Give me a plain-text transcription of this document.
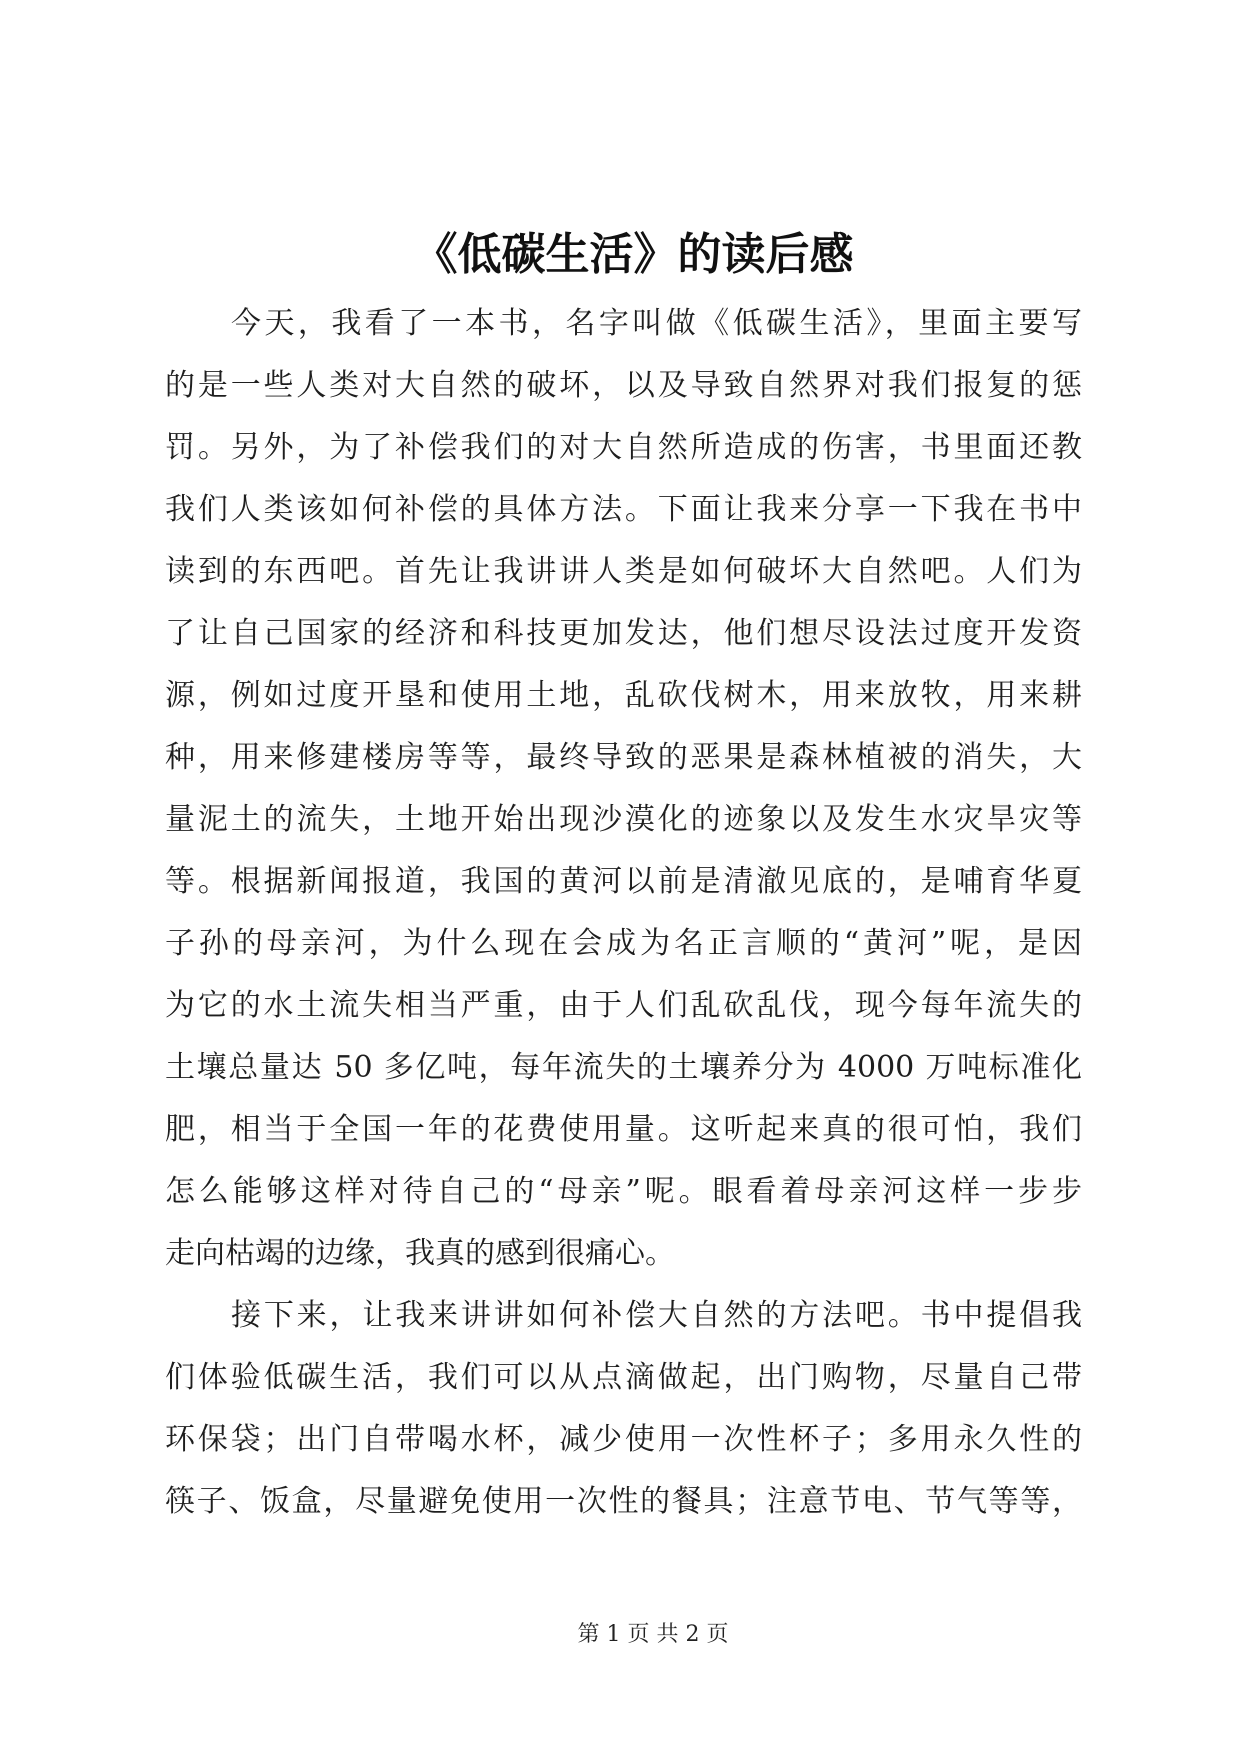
《低碳生活》的读后感
今天，我看了一本书，名字叫做《低碳生活》，里面主要写
的是一些人类对大自然的破坏，以及导致自然界对我们报复的惩
罚。另外，为了补偿我们的对大自然所造成的伤害，书里面还教
我们人类该如何补偿的具体方法。下面让我来分享一下我在书中
读到的东西吧。首先让我讲讲人类是如何破坏大自然吧。人们为
了让自己国家的经济和科技更加发达，他们想尽设法过度开发资
源，例如过度开垦和使用土地，乱砍伐树木，用来放牧，用来耕
种，用来修建楼房等等，最终导致的恶果是森林植被的消失，大
量泥土的流失，土地开始出现沙漠化的迹象以及发生水灾旱灾等
等。根据新闻报道，我国的黄河以前是清澈见底的，是哺育华夏
子孙的母亲河，为什么现在会成为名正言顺的“黄河”呢，是因
为它的水土流失相当严重，由于人们乱砍乱伐，现今每年流失的
土壤总量达 50 多亿吨，每年流失的土壤养分为 4000 万吨标准化
肥，相当于全国一年的花费使用量。这听起来真的很可怕，我们
怎么能够这样对待自己的“母亲”呢。眼看着母亲河这样一步步
走向枯竭的边缘，我真的感到很痛心。
接下来，让我来讲讲如何补偿大自然的方法吧。书中提倡我
们体验低碳生活，我们可以从点滴做起，出门购物，尽量自己带
环保袋；出门自带喝水杯，减少使用一次性杯子；多用永久性的
筷子、饭盒，尽量避免使用一次性的餐具；注意节电、节气等等，
第 1 页 共 2 页
